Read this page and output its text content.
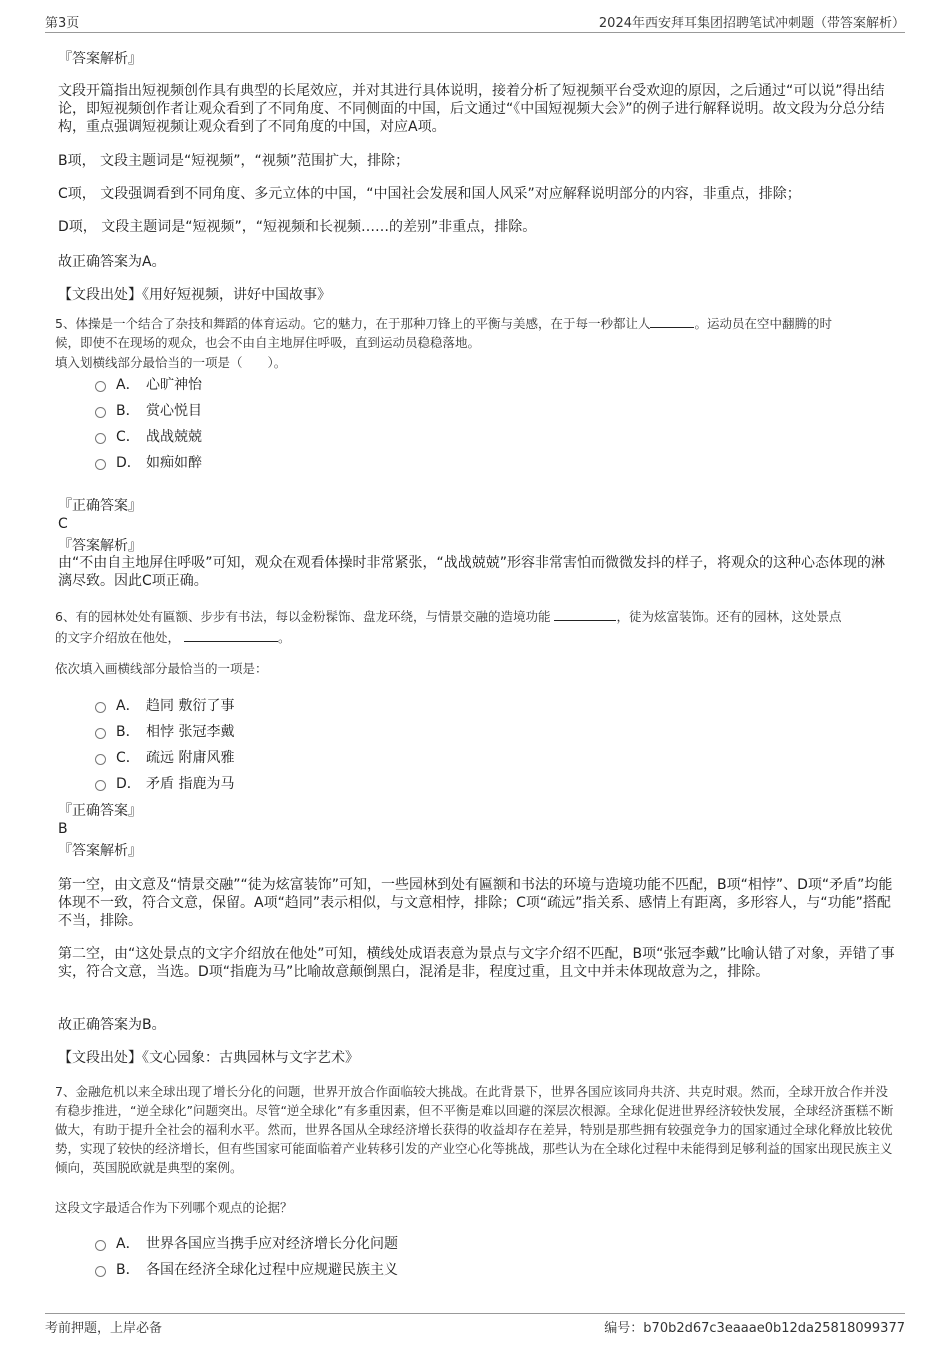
第3页	2024年西安拜耳集团招聘笔试冲刺题（带答案解析）
『答案解析』
文段开篇指出短视频创作具有典型的长尾效应，并对其进行具体说明，接着分析了短视频平台受欢迎的原因，之后通过“可以说”得出结论，即短视频创作者让观众看到了不同角度、不同侧面的中国，后文通过“《中国短视频大会》”的例子进行解释说明。故文段为分总分结构，重点强调短视频让观众看到了不同角度的中国，对应A项。
B项， 文段主题词是“短视频”，“视频”范围扩大，排除；
C项， 文段强调看到不同角度、多元立体的中国，“中国社会发展和国人风采”对应解释说明部分的内容，非重点，排除；
D项， 文段主题词是“短视频”，“短视频和长视频……的差别”非重点，排除。
故正确答案为A。
【文段出处】《用好短视频，讲好中国故事》
5、体操是一个结合了杂技和舞蹈的体育运动。它的魅力，在于那种刀锋上的平衡与美感，在于每一秒都让人	。运动员在空中翻腾的时
候，即使不在现场的观众，也会不由自主地屏住呼吸，直到运动员稳稳落地。
填入划横线部分最恰当的一项是（　　）。
A． 心旷神怡
B． 赏心悦目
C． 战战兢兢
D． 如痴如醉
『正确答案』
C
『答案解析』
由“不由自主地屏住呼吸”可知，观众在观看体操时非常紧张，“战战兢兢”形容非常害怕而微微发抖的样子，将观众的这种心态体现的淋漓尽致。因此C项正确。
6、有的园林处处有匾额、步步有书法，每以金粉髹饰、盘龙环绕，与情景交融的造境功能	，徒为炫富装饰。还有的园林，这处景点
的文字介绍放在他处，	。
依次填入画横线部分最恰当的一项是：
A． 趋同 敷衍了事
B． 相悖 张冠李戴
C． 疏远 附庸风雅
D． 矛盾 指鹿为马
『正确答案』
B
『答案解析』
第一空，由文意及“情景交融”“徒为炫富装饰”可知，一些园林到处有匾额和书法的环境与造境功能不匹配，B项“相悖”、D项“矛盾”均能体现不一致，符合文意，保留。A项“趋同”表示相似，与文意相悖，排除；C项“疏远”指关系、感情上有距离，多形容人，与“功能”搭配不当，排除。
第二空，由“这处景点的文字介绍放在他处”可知，横线处成语表意为景点与文字介绍不匹配，B项“张冠李戴”比喻认错了对象，弄错了事实，符合文意，当选。D项“指鹿为马”比喻故意颠倒黑白，混淆是非，程度过重，且文中并未体现故意为之，排除。
故正确答案为B。
【文段出处】《文心园象：古典园林与文字艺术》
7、金融危机以来全球出现了增长分化的问题，世界开放合作面临较大挑战。在此背景下，世界各国应该同舟共济、共克时艰。然而，全球开放合作并没有稳步推进，“逆全球化”问题突出。尽管“逆全球化”有多重因素，但不平衡是难以回避的深层次根源。全球化促进世界经济较快发展，全球经济蛋糕不断做大，有助于提升全社会的福利水平。然而，世界各国从全球经济增长获得的收益却存在差异，特别是那些拥有较强竞争力的国家通过全球化释放比较优势，实现了较快的经济增长，但有些国家可能面临着产业转移引发的产业空心化等挑战，那些认为在全球化过程中未能得到足够利益的国家出现民族主义倾向，英国脱欧就是典型的案例。
这段文字最适合作为下列哪个观点的论据？
A． 世界各国应当携手应对经济增长分化问题
B． 各国在经济全球化过程中应规避民族主义
考前押题，上岸必备	编号：b70b2d67c3eaaae0b12da25818099377
